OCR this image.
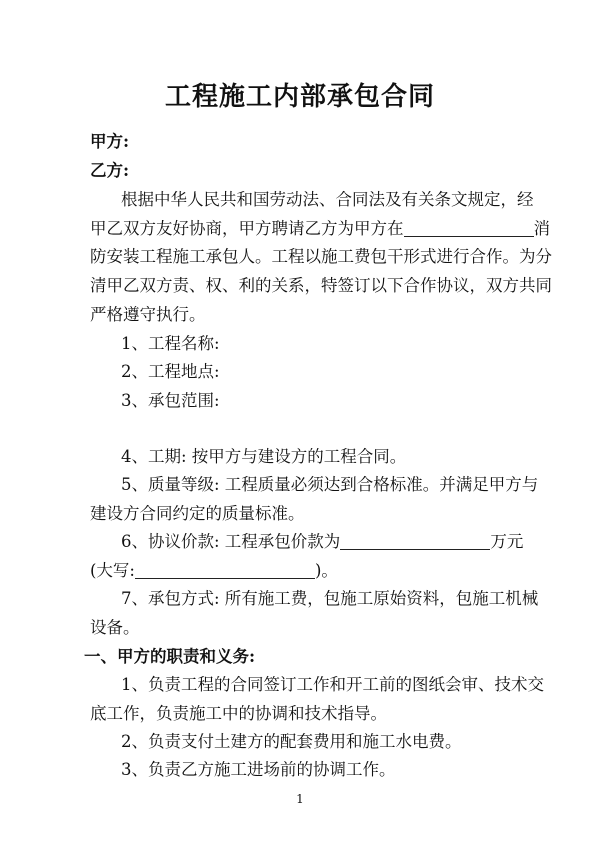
工程施工内部承包合同
甲方:
乙方:
根据中华人民共和国劳动法、合同法及有关条文规定，经
甲乙双方友好协商，甲方聘请乙方为甲方在	消
防安装工程施工承包人。工程以施工费包干形式进行合作。为分
清甲乙双方责、权、利的关系，特签订以下合作协议，双方共同
严格遵守执行。
1、工程名称:
2、工程地点:
3、承包范围:
4、工期: 按甲方与建设方的工程合同。
5、质量等级: 工程质量必须达到合格标准。并满足甲方与
建设方合同约定的质量标准。
6、协议价款: 工程承包价款为	万元
(大写:	)。
7、承包方式: 所有施工费，包施工原始资料，包施工机械
设备。
一、甲方的职责和义务:
1、负责工程的合同签订工作和开工前的图纸会审、技术交
底工作，负责施工中的协调和技术指导。
2、负责支付土建方的配套费用和施工水电费。
3、负责乙方施工进场前的协调工作。
1
